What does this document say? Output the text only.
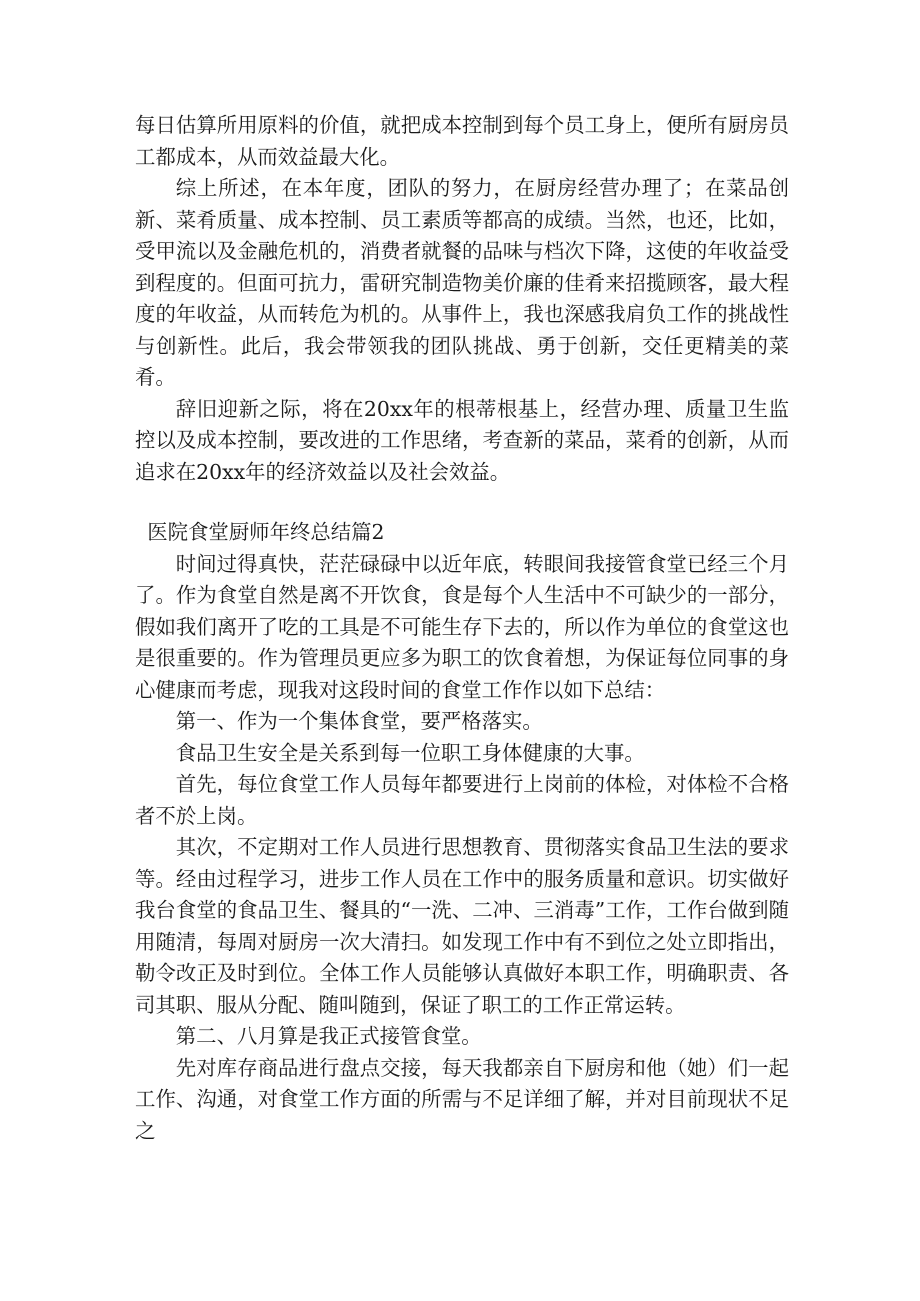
每日估算所用原料的价值，就把成本控制到每个员工身上，便所有厨房员工都成本，从而效益最大化。

综上所述，在本年度，团队的努力，在厨房经营办理了；在菜品创新、菜肴质量、成本控制、员工素质等都高的成绩。当然，也还，比如，受甲流以及金融危机的，消费者就餐的品味与档次下降，这使的年收益受到程度的。但面可抗力，雷研究制造物美价廉的佳肴来招揽顾客，最大程度的年收益，从而转危为机的。从事件上，我也深感我肩负工作的挑战性与创新性。此后，我会带领我的团队挑战、勇于创新，交任更精美的菜肴。

辞旧迎新之际，将在20xx年的根蒂根基上，经营办理、质量卫生监控以及成本控制，要改进的工作思绪，考查新的菜品，菜肴的创新，从而追求在20xx年的经济效益以及社会效益。

医院食堂厨师年终总结篇2

时间过得真快，茫茫碌碌中以近年底，转眼间我接管食堂已经三个月了。作为食堂自然是离不开饮食，食是每个人生活中不可缺少的一部分，假如我们离开了吃的工具是不可能生存下去的，所以作为单位的食堂这也是很重要的。作为管理员更应多为职工的饮食着想，为保证每位同事的身心健康而考虑，现我对这段时间的食堂工作作以如下总结：

第一、作为一个集体食堂，要严格落实。

食品卫生安全是关系到每一位职工身体健康的大事。

首先，每位食堂工作人员每年都要进行上岗前的体检，对体检不合格者不於上岗。

其次，不定期对工作人员进行思想教育、贯彻落实食品卫生法的要求等。经由过程学习，进步工作人员在工作中的服务质量和意识。切实做好我台食堂的食品卫生、餐具的“一洗、二冲、三消毒”工作，工作台做到随用随清，每周对厨房一次大清扫。如发现工作中有不到位之处立即指出，勒令改正及时到位。全体工作人员能够认真做好本职工作，明确职责、各司其职、服从分配、随叫随到，保证了职工的工作正常运转。

第二、八月算是我正式接管食堂。

先对库存商品进行盘点交接，每天我都亲自下厨房和他（她）们一起工作、沟通，对食堂工作方面的所需与不足详细了解，并对目前现状不足之
